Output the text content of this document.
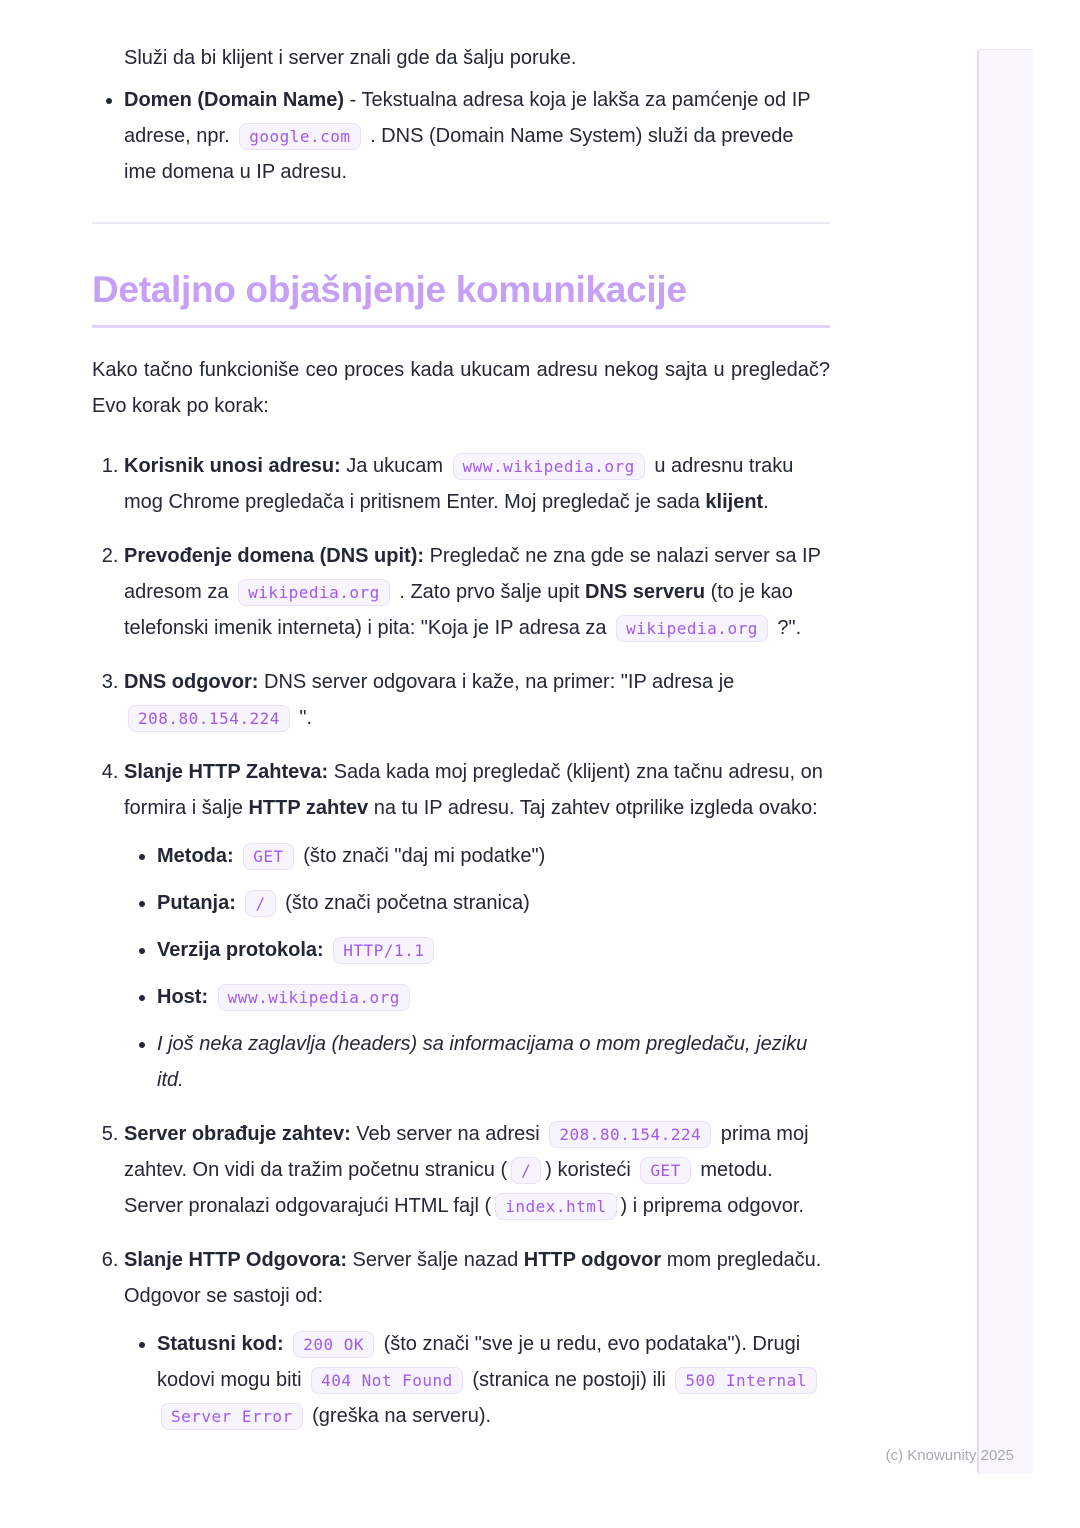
Služi da bi klijent i server znali gde da šalju poruke.

• Domen (Domain Name) - Tekstualna adresa koja je lakša za pamćenje od IP adrese, npr. google.com . DNS (Domain Name System) služi da prevede ime domena u IP adresu.
Detaljno objašnjenje komunikacije

Kako tačno funkcioniše ceo proces kada ukucam adresu nekog sajta u pregledač? Evo korak po korak:

1. Korisnik unosi adresu: Ja ukucam www.wikipedia.org u adresnu traku mog Chrome pregledača i pritisnem Enter. Moj pregledač je sada klijent.
2. Prevođenje domena (DNS upit): Pregledač ne zna gde se nalazi server sa IP adresom za wikipedia.org . Zato prvo šalje upit DNS serveru (to je kao telefonski imenik interneta) i pita: "Koja je IP adresa za wikipedia.org ?".
3. DNS odgovor: DNS server odgovara i kaže, na primer: "IP adresa je 208.80.154.224 ".
4. Slanje HTTP Zahteva: Sada kada moj pregledač (klijent) zna tačnu adresu, on formira i šalje HTTP zahtev na tu IP adresu. Taj zahtev otprilike izgleda ovako:
• Metoda: GET (što znači "daj mi podatke")
• Putanja: / (što znači početna stranica)
• Verzija protokola: HTTP/1.1
• Host: www.wikipedia.org
• I još neka zaglavlja (headers) sa informacijama o mom pregledaču, jeziku itd.
5. Server obrađuje zahtev: Veb server na adresi 208.80.154.224 prima moj zahtev. On vidi da tražim početnu stranicu ( / ) koristeći GET metodu. Server pronalazi odgovarajući HTML fajl ( index.html ) i priprema odgovor.
6. Slanje HTTP Odgovora: Server šalje nazad HTTP odgovor mom pregledaču. Odgovor se sastoji od:
• Statusni kod: 200 OK (što znači "sve je u redu, evo podataka"). Drugi kodovi mogu biti 404 Not Found (stranica ne postoji) ili 500 Internal Server Error (greška na serveru).
(c) Knowunity 2025
